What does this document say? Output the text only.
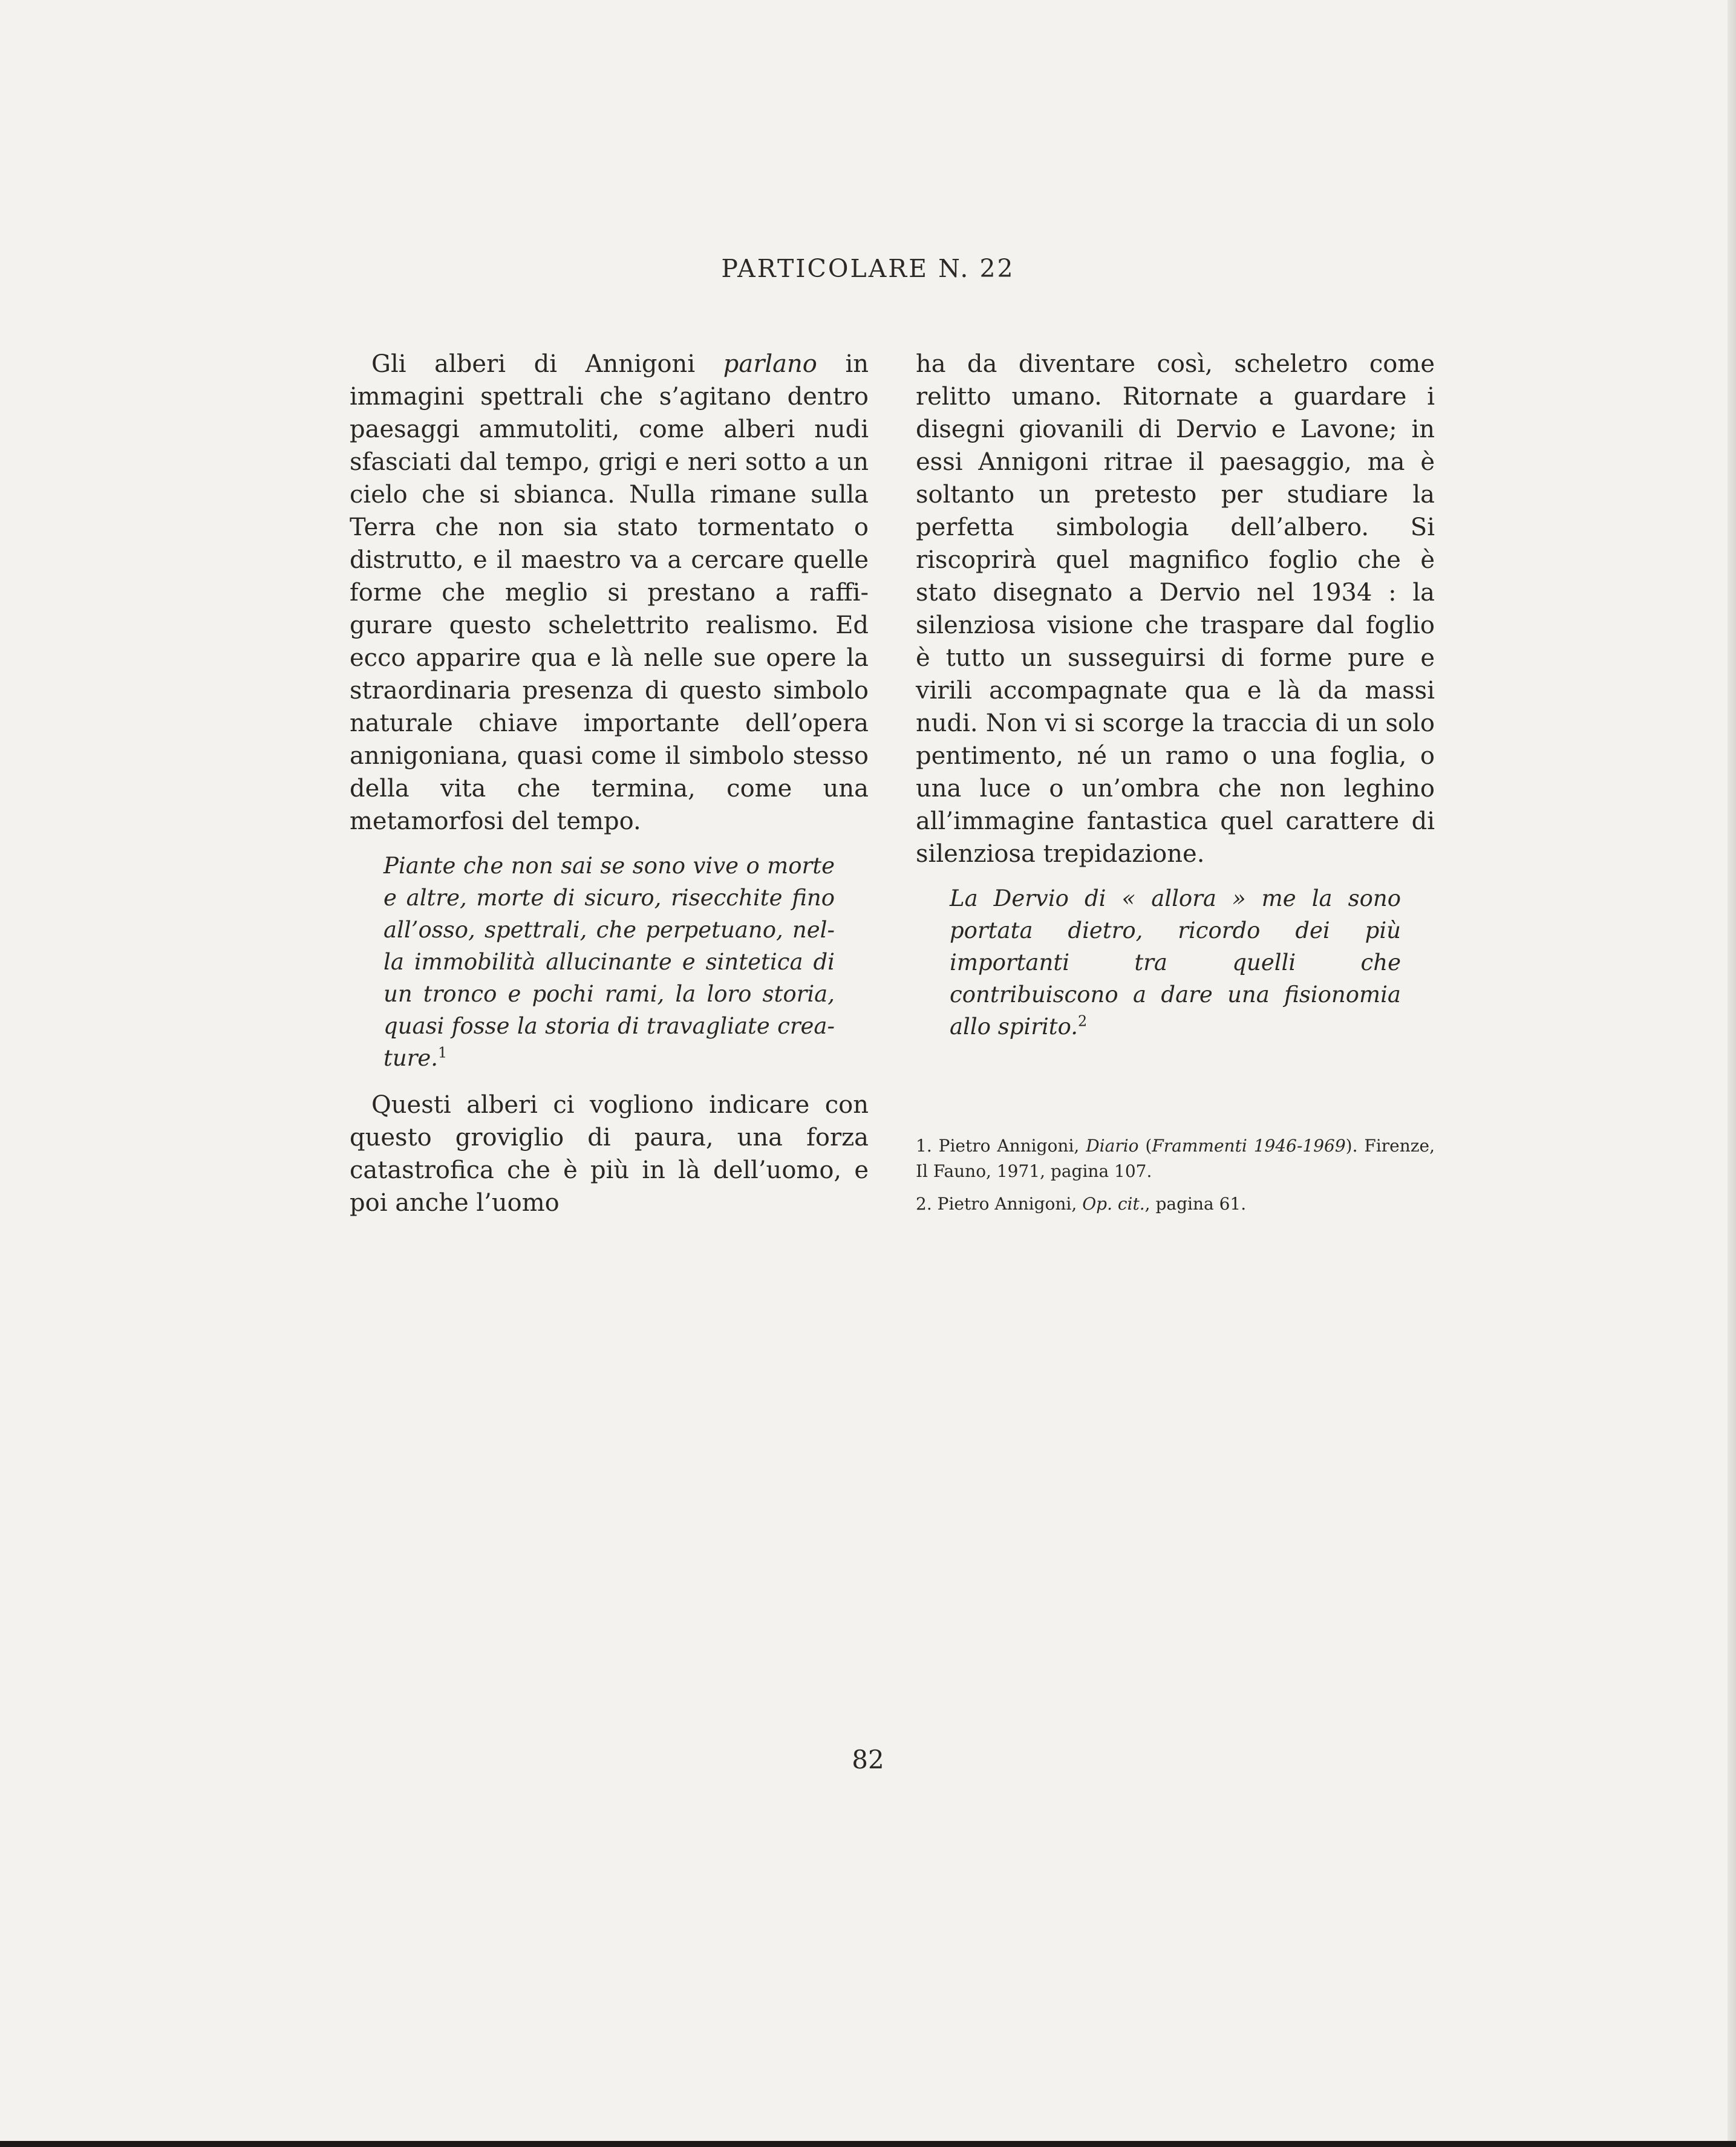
PARTICOLARE N. 22

Gli alberi di Annigoni parlano in immagini spettrali che s’agitano dentro paesaggi ammutoliti, come alberi nudi sfasciati dal tempo, grigi e neri sotto a un cielo che si sbianca. Nulla rimane sulla Terra che non sia stato tormentato o distrutto, e il maestro va a cercare quelle forme che meglio si prestano a raffigurare questo schelettrito realismo. Ed ecco apparire qua e là nelle sue opere la straordinaria presenza di questo simbolo naturale chiave importante dell’opera annigoniana, quasi come il simbolo stesso della vita che termina, come una metamorfosi del tempo.

Piante che non sai se sono vive o morte e altre, morte di sicuro, risecchite fino all’osso, spettrali, che perpetuano, nella immobilità allucinante e sintetica di un tronco e pochi rami, la loro storia, quasi fosse la storia di travagliate creature.$^1$

Questi alberi ci vogliono indicare con questo groviglio di paura, una forza catastrofica che è più in là dell’uomo, e poi anche l’uomo

ha da diventare così, scheletro come relitto umano. Ritornate a guardare i disegni giovanili di Dervio e Lavone; in essi Annigoni ritrae il paesaggio, ma è soltanto un pretesto per studiare la perfetta simbologia dell’albero. Si riscoprirà quel magnifico foglio che è stato disegnato a Dervio nel 1934 : la silenziosa visione che traspare dal foglio è tutto un susseguirsi di forme pure e virili accompagnate qua e là da massi nudi. Non vi si scorge la traccia di un solo pentimento, né un ramo o una foglia, o una luce o un’ombra che non leghino all’immagine fantastica quel carattere di silenziosa trepidazione.

La Dervio di « allora » me la sono portata dietro, ricordo dei più importanti tra quelli che contribuiscono a dare una fisionomia allo spirito.$^2$

1. Pietro Annigoni, Diario (Frammenti 1946-1969). Firenze, Il Fauno, 1971, pagina 107.

2. Pietro Annigoni, Op. cit., pagina 61.

82
